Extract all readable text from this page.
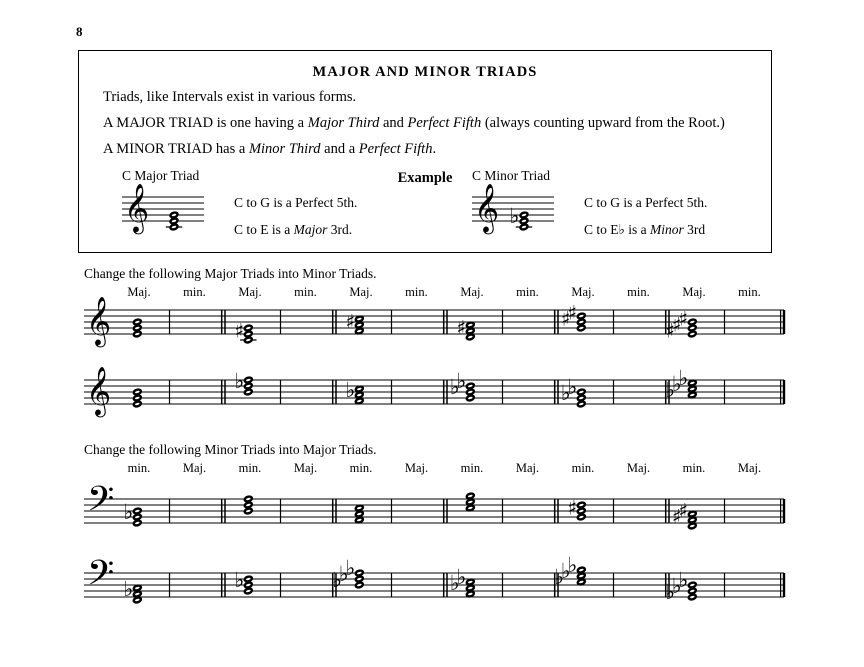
8
MAJOR AND MINOR TRIADS
Triads, like Intervals exist in various forms.
A MAJOR TRIAD is one having a Major Third and Perfect Fifth (always counting upward from the Root.)
A MINOR TRIAD has a Minor Third and a Perfect Fifth.
Example
C Major Triad
𝄞	C to G is a Perfect 5th.
C to E is a Major 3rd.
C Minor Triad
𝄞 ♭
C to G is a Perfect 5th.
C to E♭ is a Minor 3rd
Change the following Major Triads into Minor Triads.
Maj.	min.	Maj.	min.	Maj.	min.	Maj.	min.	Maj.	min.	Maj.	min.
𝄞	♯	♯	♯
♯
♯	♯
♯
♯
𝄞	♭	♭	♭
♭	♭
♭
♭
♭
♭
Change the following Minor Triads into Major Triads.
min.	Maj.	min.	Maj.	min.	Maj.	min.	Maj.	min.	Maj.	min.	Maj.
𝄢 ♭	♯	♯
♯
𝄢 ♭	♭	♭
♭
♭	♭
♭
♭
♭
♭	♭
♭
♭
